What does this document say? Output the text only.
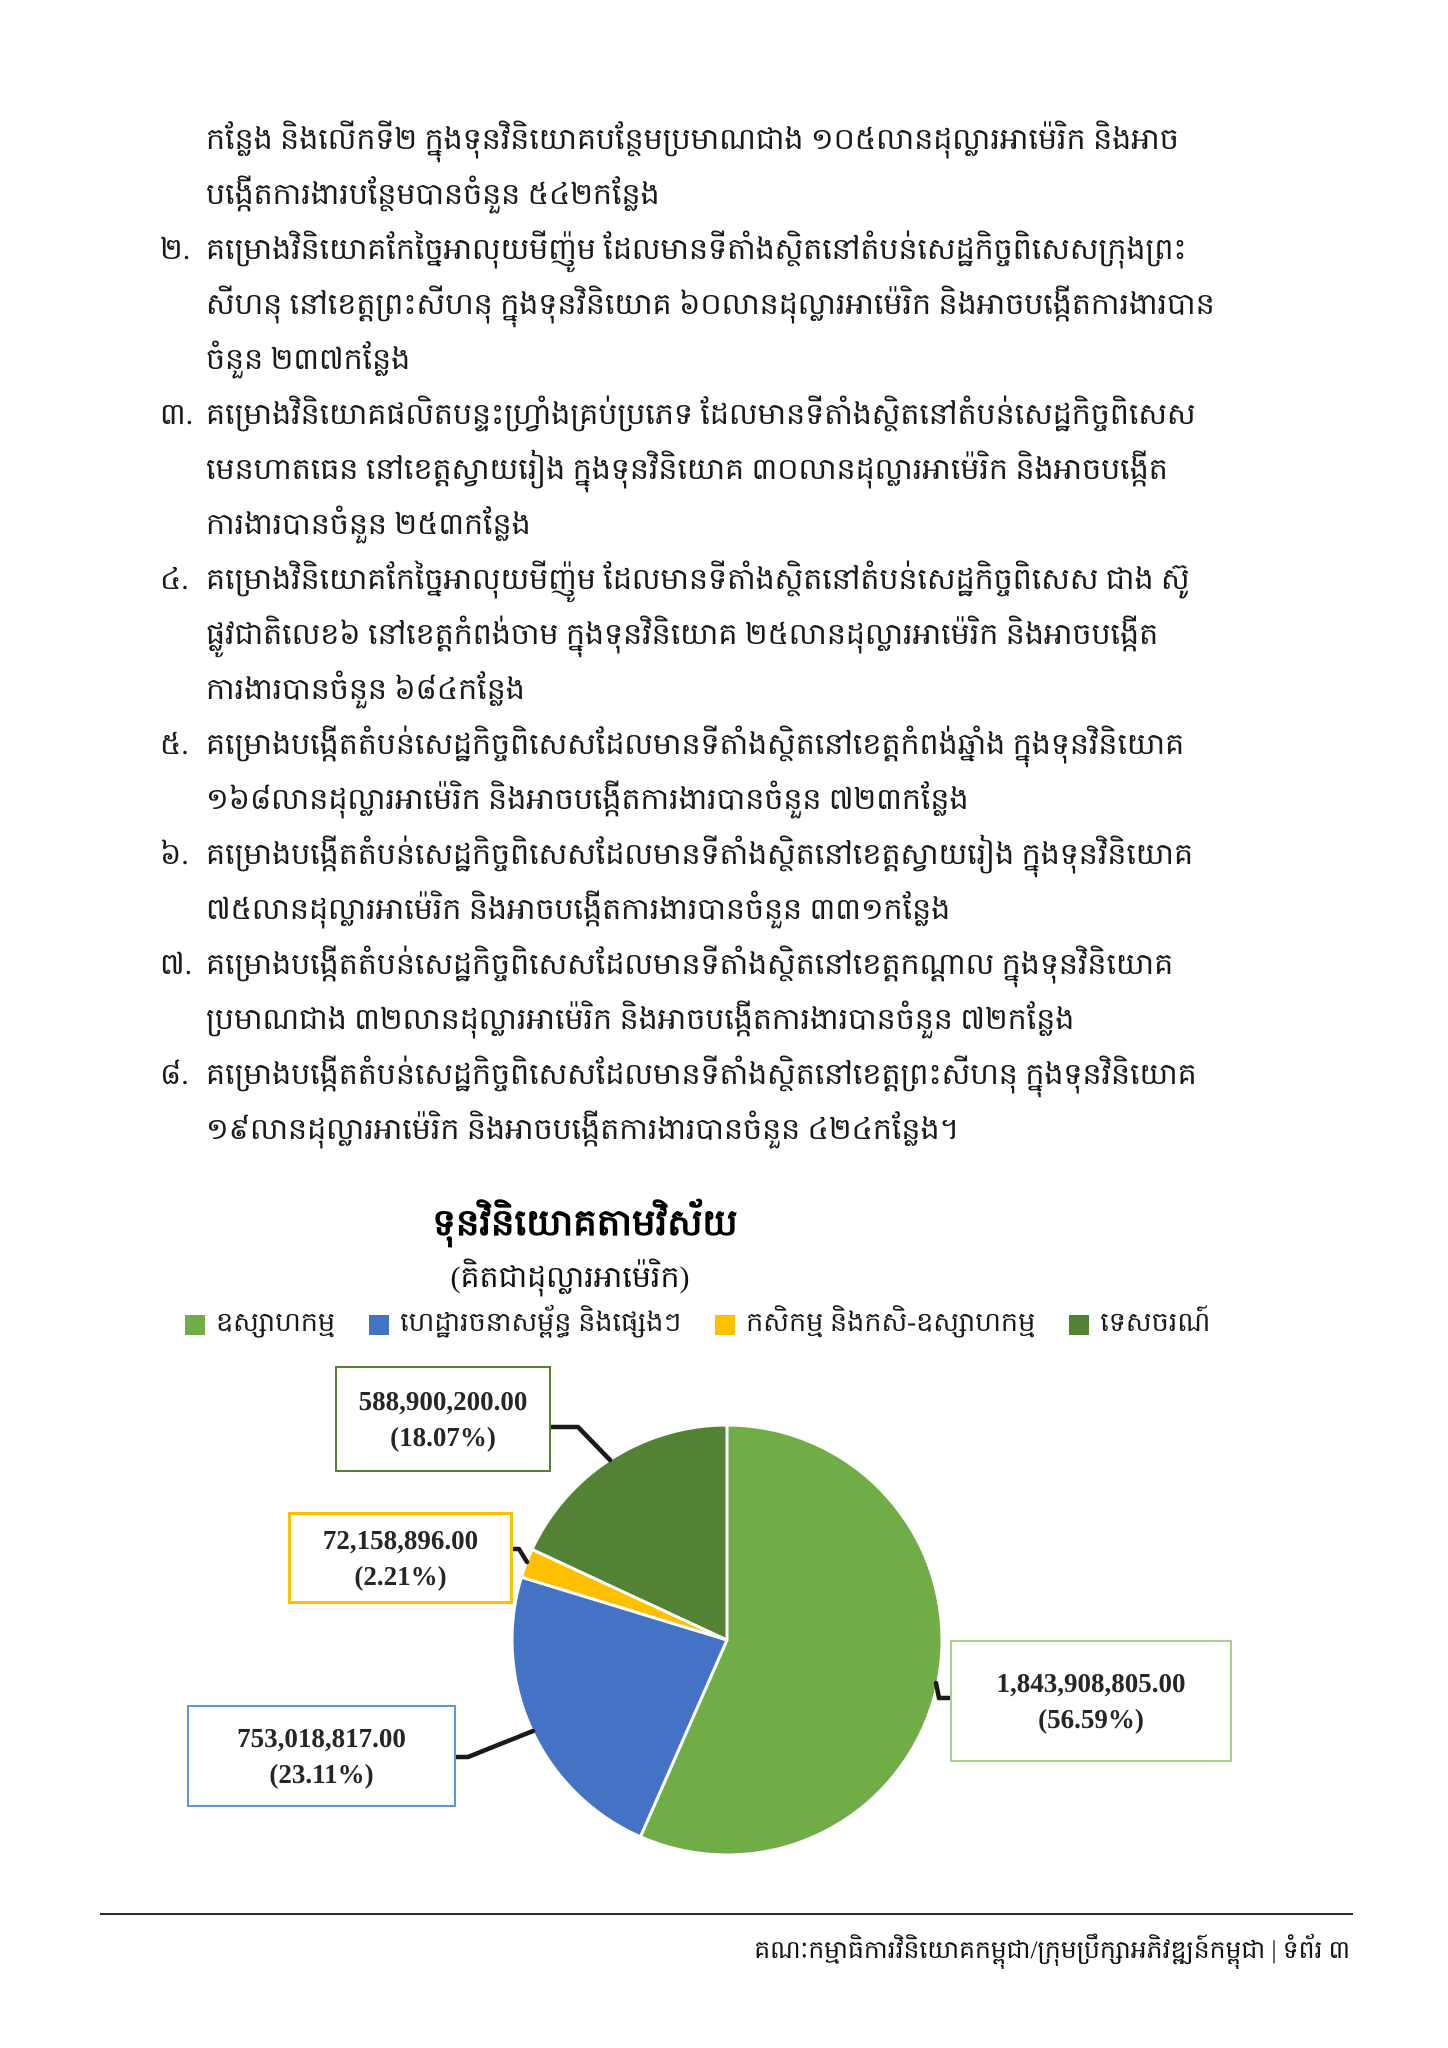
កន្លែង និងលើកទី២ ក្នុងទុនវិនិយោគបន្ថែមប្រមាណជាង ១០៥លានដុល្លារអាម៉េរិក និងអាច
បង្កើតការងារបន្ថែមបានចំនួន ៥៤២កន្លែង
២. គម្រោងវិនិយោគកែច្នៃអាលុយមីញ៉ូម ដែលមានទីតាំងស្ថិតនៅតំបន់សេដ្ឋកិច្ចពិសេសក្រុងព្រះ
សីហនុ នៅខេត្តព្រះសីហនុ ក្នុងទុនវិនិយោគ ៦០លានដុល្លារអាម៉េរិក និងអាចបង្កើតការងារបាន
ចំនួន ២៣៧កន្លែង
៣. គម្រោងវិនិយោគផលិតបន្ទះហ្វ្រាំងគ្រប់ប្រភេទ ដែលមានទីតាំងស្ថិតនៅតំបន់សេដ្ឋកិច្ចពិសេស
មេនហាតធេន នៅខេត្តស្វាយរៀង ក្នុងទុនវិនិយោគ ៣០លានដុល្លារអាម៉េរិក និងអាចបង្កើត
ការងារបានចំនួន ២៥៣កន្លែង
៤. គម្រោងវិនិយោគកែច្នៃអាលុយមីញ៉ូម ដែលមានទីតាំងស្ថិតនៅតំបន់សេដ្ឋកិច្ចពិសេស ជាង ស៊ូ
ផ្លូវជាតិលេខ៦ នៅខេត្តកំពង់ចាម ក្នុងទុនវិនិយោគ ២៥លានដុល្លារអាម៉េរិក និងអាចបង្កើត
ការងារបានចំនួន ៦៨៤កន្លែង
៥. គម្រោងបង្កើតតំបន់សេដ្ឋកិច្ចពិសេសដែលមានទីតាំងស្ថិតនៅខេត្តកំពង់ឆ្នាំង ក្នុងទុនវិនិយោគ
១៦៨លានដុល្លារអាម៉េរិក និងអាចបង្កើតការងារបានចំនួន ៧២៣កន្លែង
៦. គម្រោងបង្កើតតំបន់សេដ្ឋកិច្ចពិសេសដែលមានទីតាំងស្ថិតនៅខេត្តស្វាយរៀង ក្នុងទុនវិនិយោគ
៧៥លានដុល្លារអាម៉េរិក និងអាចបង្កើតការងារបានចំនួន ៣៣១កន្លែង
៧. គម្រោងបង្កើតតំបន់សេដ្ឋកិច្ចពិសេសដែលមានទីតាំងស្ថិតនៅខេត្តកណ្តាល ក្នុងទុនវិនិយោគ
ប្រមាណជាង ៣២លានដុល្លារអាម៉េរិក និងអាចបង្កើតការងារបានចំនួន ៧២កន្លែង
៨. គម្រោងបង្កើតតំបន់សេដ្ឋកិច្ចពិសេសដែលមានទីតាំងស្ថិតនៅខេត្តព្រះសីហនុ ក្នុងទុនវិនិយោគ
១៩លានដុល្លារអាម៉េរិក និងអាចបង្កើតការងារបានចំនួន ៤២៤កន្លែង។
ទុនវិនិយោគតាមវិស័យ
(គិតជាដុល្លារអាម៉េរិក)
ឧស្សាហកម្ម ហេដ្ឋារចនាសម្ព័ន្ធ និងផ្សេងៗ កសិកម្ម និងកសិ-ឧស្សាហកម្ម ទេសចរណ៍
1,843,908,805.00
(56.59%)
753,018,817.00
(23.11%)
72,158,896.00
(2.21%)
588,900,200.00
(18.07%)
គណៈកម្មាធិការវិនិយោគកម្ពុជា/ក្រុមប្រឹក្សាអភិវឌ្ឍន៍កម្ពុជា | ទំព័រ ៣
